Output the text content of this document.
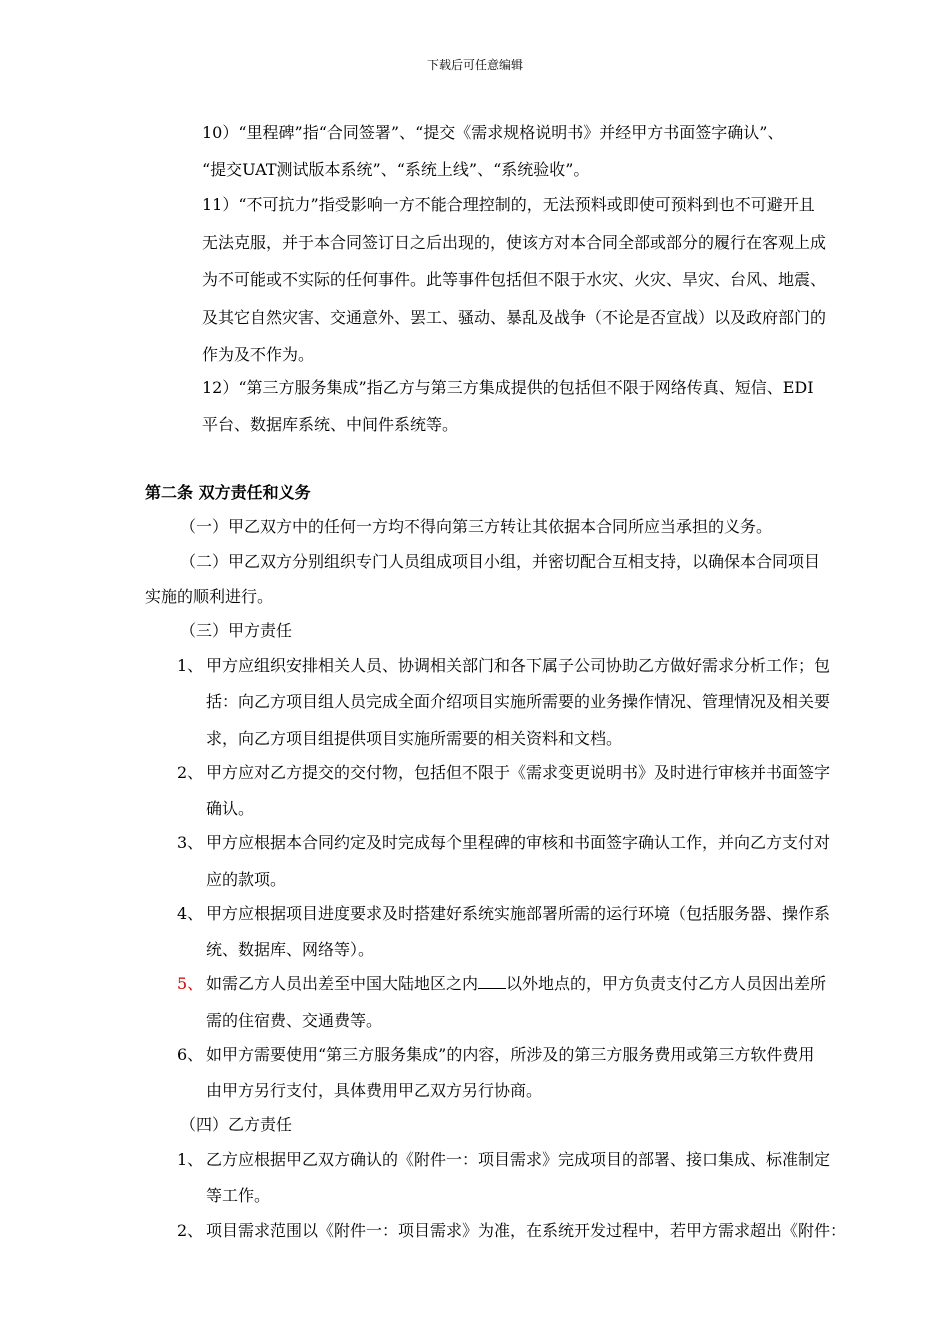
下载后可任意编辑
10）“里程碑”指“合同签署”、“提交《需求规格说明书》并经甲方书面签字确认”、
“提交UAT测试版本系统”、“系统上线”、“系统验收”。
11）“不可抗力”指受影响一方不能合理控制的，无法预料或即使可预料到也不可避开且
无法克服，并于本合同签订日之后出现的，使该方对本合同全部或部分的履行在客观上成
为不可能或不实际的任何事件。此等事件包括但不限于水灾、火灾、旱灾、台风、地震、
及其它自然灾害、交通意外、罢工、骚动、暴乱及战争（不论是否宣战）以及政府部门的
作为及不作为。
12）“第三方服务集成”指乙方与第三方集成提供的包括但不限于网络传真、短信、EDI
平台、数据库系统、中间件系统等。
第二条 双方责任和义务
（一）甲乙双方中的任何一方均不得向第三方转让其依据本合同所应当承担的义务。
（二）甲乙双方分别组织专门人员组成项目小组，并密切配合互相支持，以确保本合同项目
实施的顺利进行。
（三）甲方责任
1、 甲方应组织安排相关人员、协调相关部门和各下属子公司协助乙方做好需求分析工作；包
括：向乙方项目组人员完成全面介绍项目实施所需要的业务操作情况、管理情况及相关要
求，向乙方项目组提供项目实施所需要的相关资料和文档。
2、 甲方应对乙方提交的交付物，包括但不限于《需求变更说明书》及时进行审核并书面签字
确认。
3、 甲方应根据本合同约定及时完成每个里程碑的审核和书面签字确认工作，并向乙方支付对
应的款项。
4、 甲方应根据项目进度要求及时搭建好系统实施部署所需的运行环境（包括服务器、操作系
统、数据库、网络等）。
5、 如需乙方人员出差至中国大陆地区之内 以外地点的，甲方负责支付乙方人员因出差所
需的住宿费、交通费等。
6、 如甲方需要使用“第三方服务集成”的内容，所涉及的第三方服务费用或第三方软件费用
由甲方另行支付，具体费用甲乙双方另行协商。
（四）乙方责任
1、 乙方应根据甲乙双方确认的《附件一：项目需求》完成项目的部署、接口集成、标准制定
等工作。
2、 项目需求范围以《附件一：项目需求》为准，在系统开发过程中，若甲方需求超出《附件：
